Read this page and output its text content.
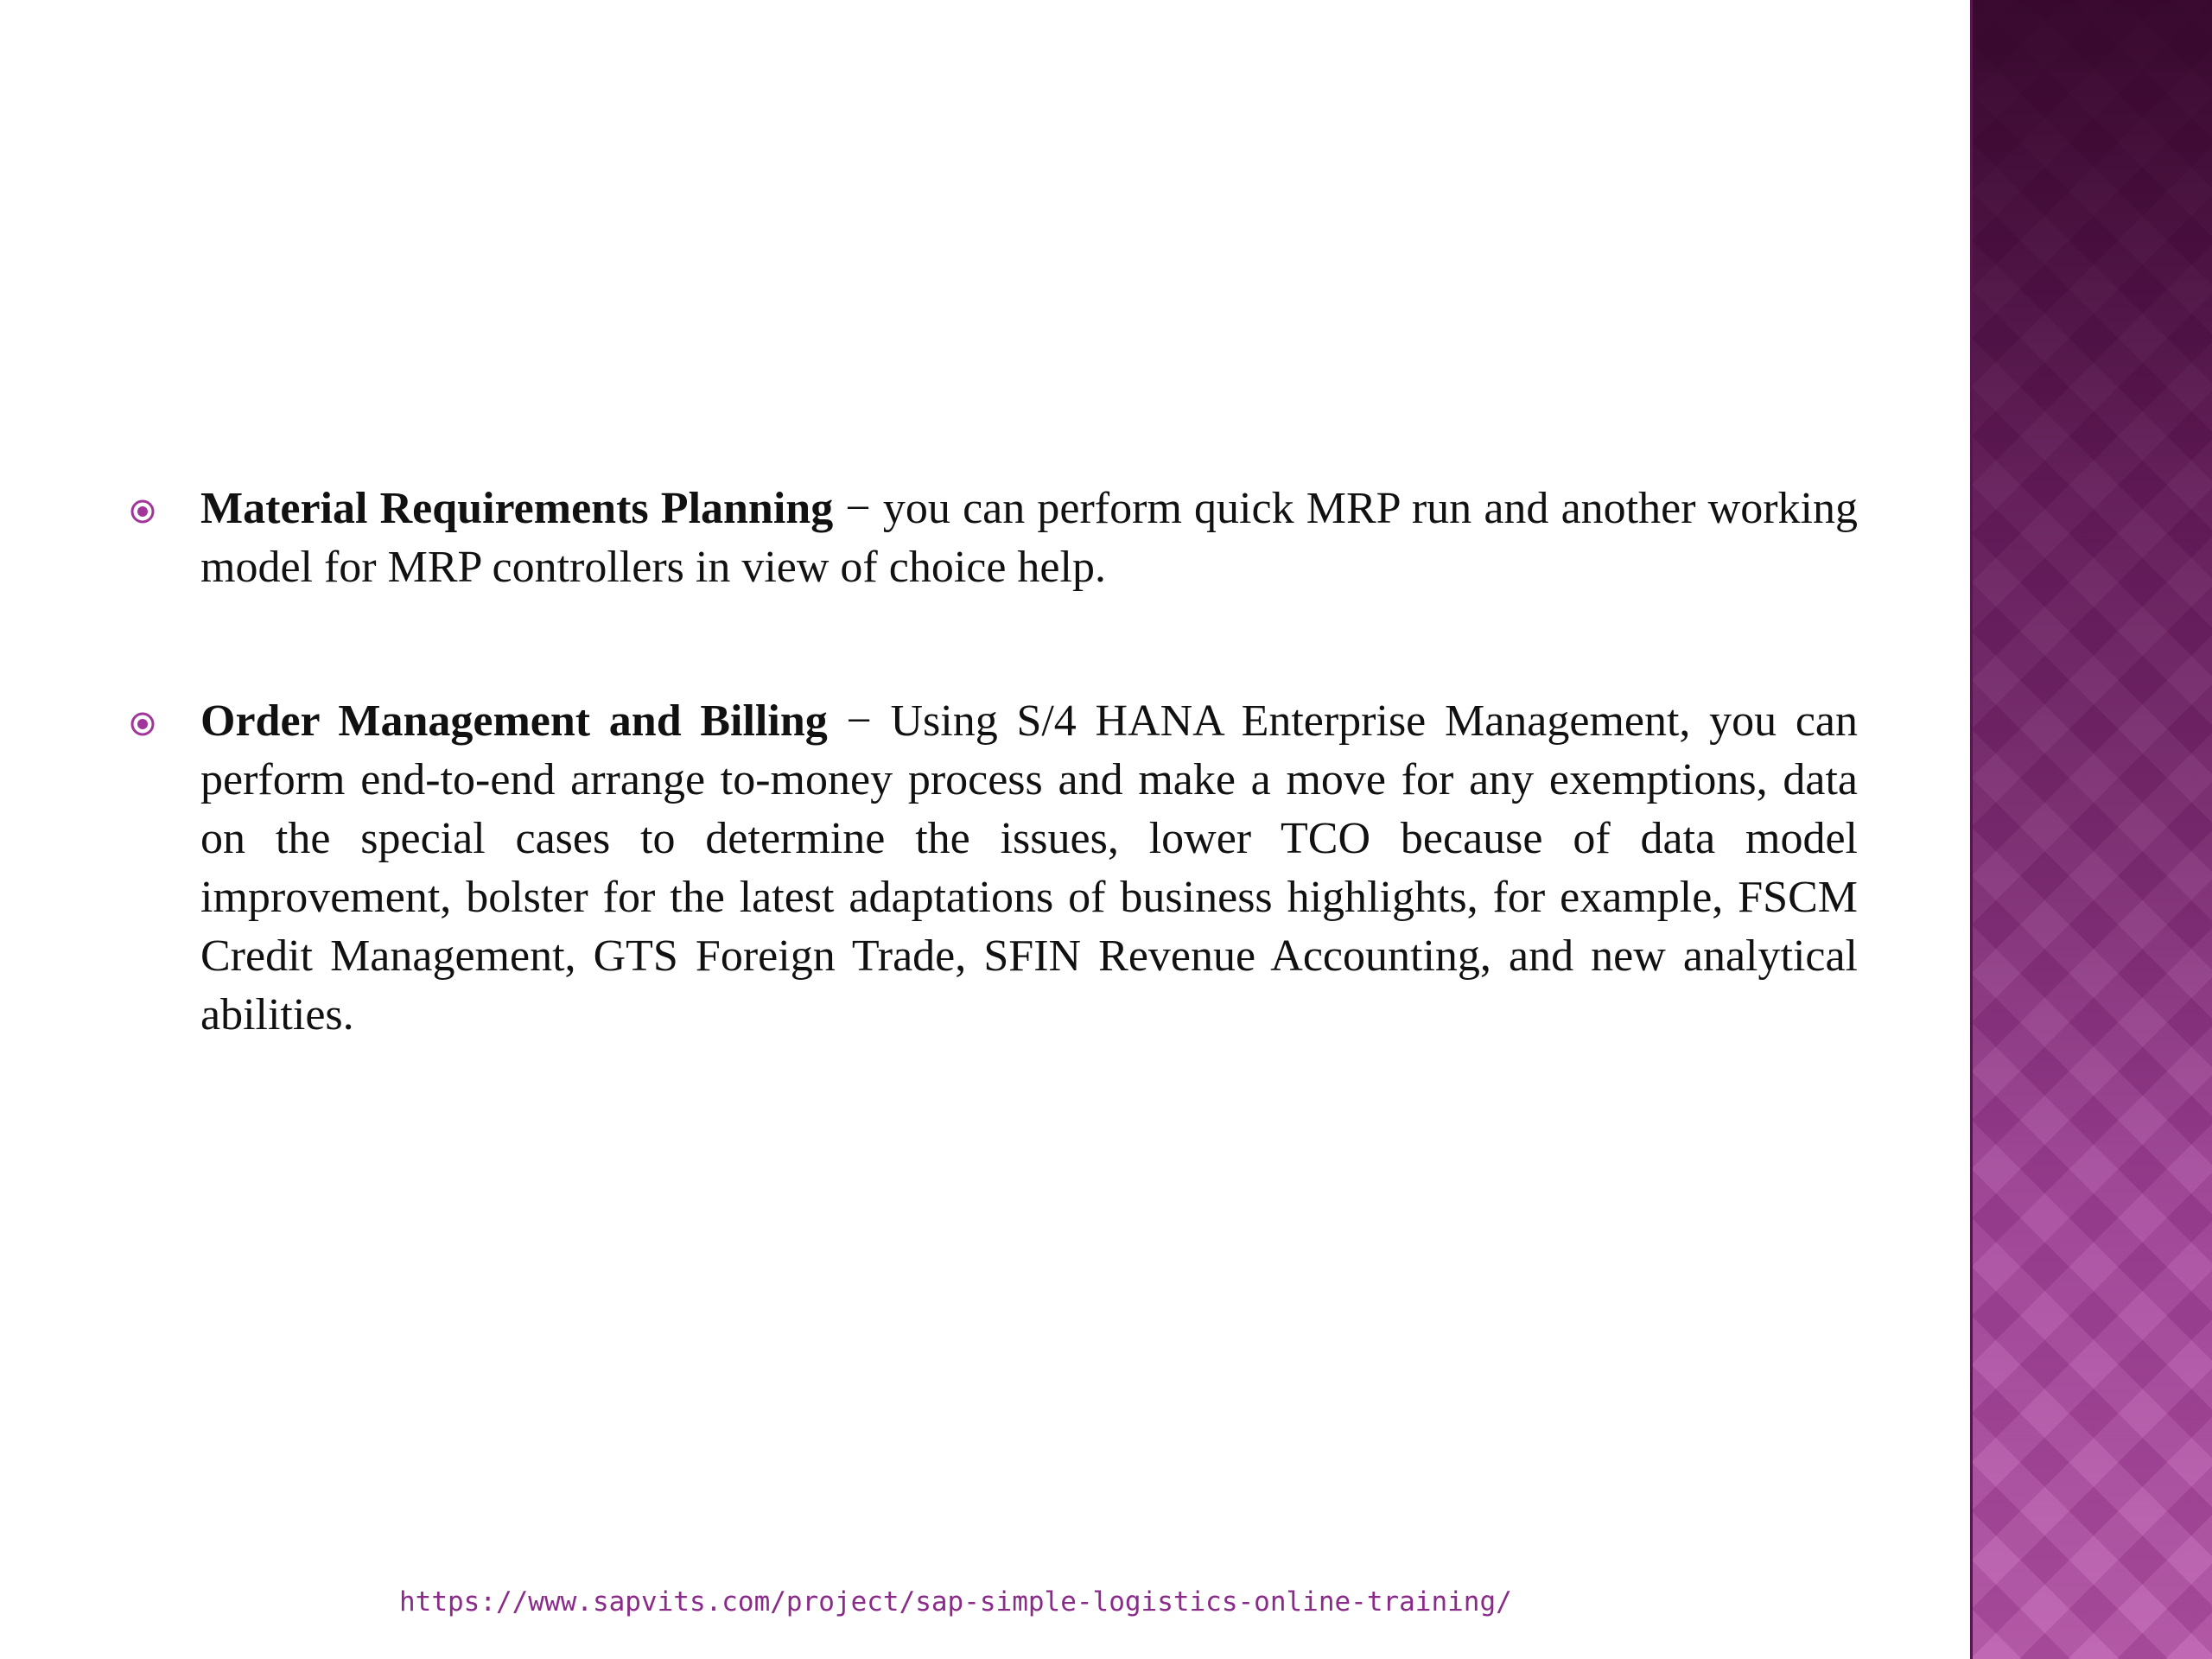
Material Requirements Planning − you can perform quick MRP run and another working model for MRP controllers in view of choice help.

Order Management and Billing − Using S/4 HANA Enterprise Management, you can perform end-to-end arrange to-money process and make a move for any exemptions, data on the special cases to determine the issues, lower TCO because of data model improvement, bolster for the latest adaptations of business highlights, for example, FSCM Credit Management, GTS Foreign Trade, SFIN Revenue Accounting, and new analytical abilities.

https://www.sapvits.com/project/sap-simple-logistics-online-training/
